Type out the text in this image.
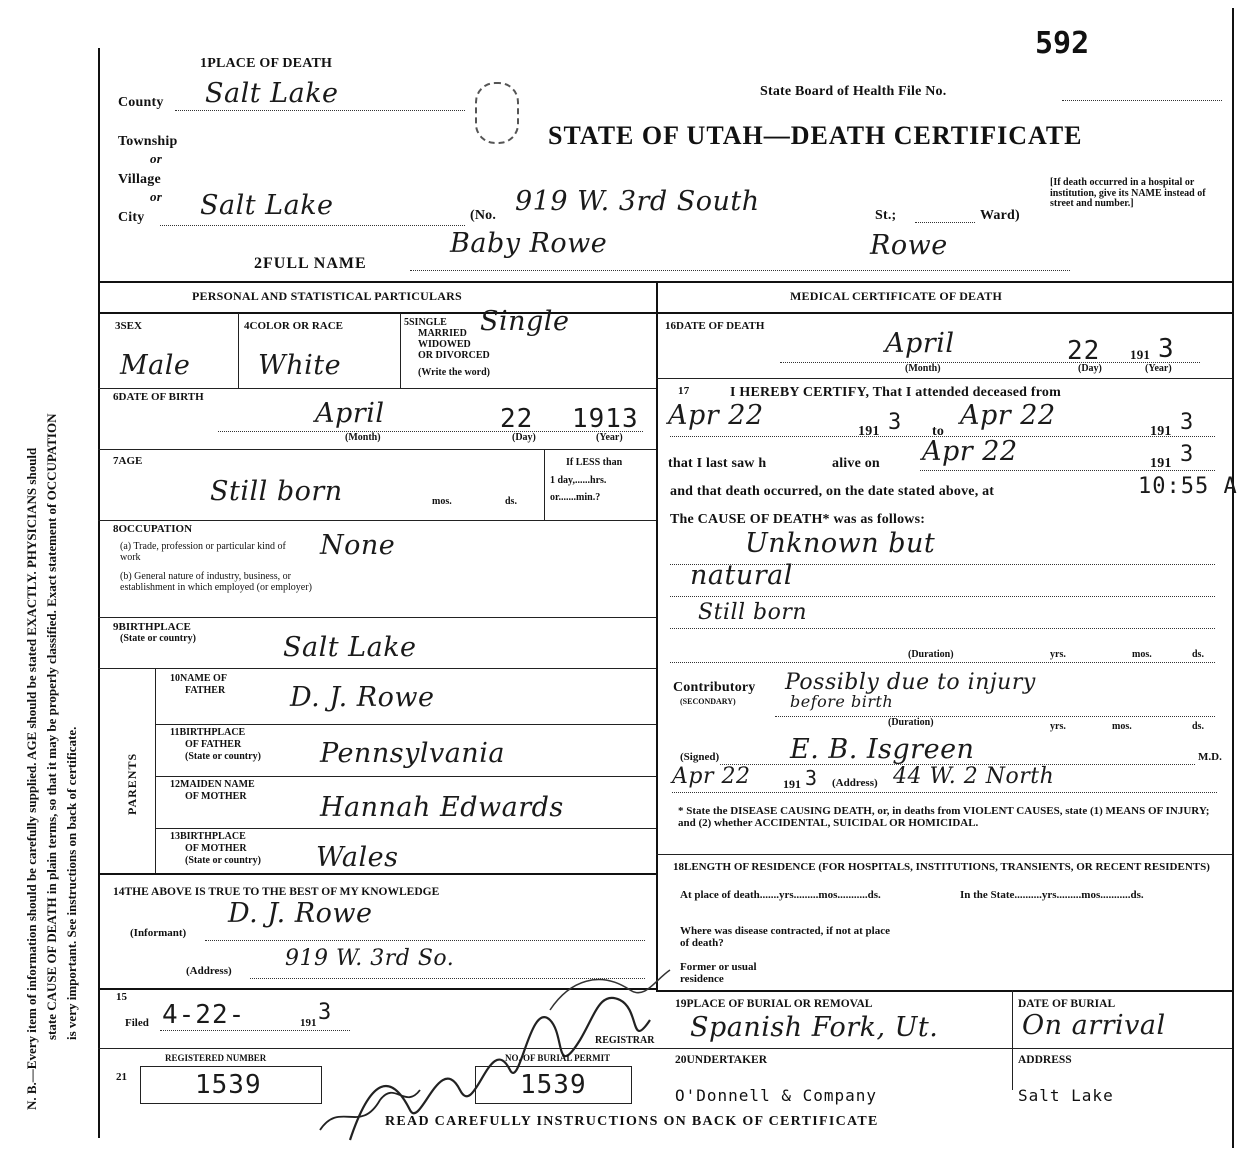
N. B.—Every item of information should be carefully supplied. AGE should be stated EXACTLY. PHYSICIANS should state CAUSE OF DEATH in plain terms, so that it may be properly classified. Exact statement of OCCUPATION is very important. See instructions on back of certificate.
592
1PLACE OF DEATH
State Board of Health File No.
County Salt Lake
STATE OF UTAH—DEATH CERTIFICATE
Township
or
Village
or
City Salt Lake	(No. 919 W. 3rd South	St.;	Ward)
[If death occurred in a hospital or institution, give its NAME instead of street and number.]
2FULL NAME
Baby Rowe	Rowe
PERSONAL AND STATISTICAL PARTICULARS
3SEX
Male
4COLOR OR RACE
White
5SINGLE
MARRIED
WIDOWED
OR DIVORCED
(Write the word)
Single
6DATE OF BIRTH
April	22 1913
(Month)	(Day)	(Year)
7AGE
Still born	mos.	ds.
If LESS than
1 day,......hrs.
or.......min.?
8OCCUPATION
(a) Trade, profession or particular kind of work
(b) General nature of industry, business, or establishment in which employed (or employer)
None
9BIRTHPLACE
(State or country)	Salt Lake
PARENTS
10NAME OF
FATHER D. J. Rowe
11BIRTHPLACE
OF FATHER
(State or country) Pennsylvania
12MAIDEN NAME
OF MOTHER	Hannah Edwards
13BIRTHPLACE
OF MOTHER
(State or country) Wales
14THE ABOVE IS TRUE TO THE BEST OF MY KNOWLEDGE
(Informant)
D. J. Rowe
(Address) 919 W. 3rd So.
15
Filed 4-22-	191 3
REGISTRAR
REGISTERED NUMBER	NO. OF BURIAL PERMIT
21	1539	1539
READ CAREFULLY INSTRUCTIONS ON BACK OF CERTIFICATE
MEDICAL CERTIFICATE OF DEATH
16DATE OF DEATH
April	22 191 3
(Month)	(Day)	(Year)
17	I HEREBY CERTIFY, That I attended deceased from
Apr 22
191 3 to
Apr 22
191 3
that I last saw h	alive on Apr 22	191 3
and that death occurred, on the date stated above, at	10:55 A
The CAUSE OF DEATH* was as follows:
Unknown but
natural
Still born
(Duration)	yrs.	mos.	ds.
Contributory
(SECONDARY)
Possibly due to injury
before birth
(Duration)	yrs.	mos.	ds.
(Signed)	E. B. Isgreen	M.D.
Apr 22	191 3 (Address) 44 W. 2 North
* State the DISEASE CAUSING DEATH, or, in deaths from VIOLENT CAUSES, state (1) MEANS OF INJURY; and (2) whether ACCIDENTAL, SUICIDAL OR HOMICIDAL.
18LENGTH OF RESIDENCE (FOR HOSPITALS, INSTITUTIONS, TRANSIENTS, OR RECENT RESIDENTS)
At place of death.......yrs.........mos...........ds.	In the State..........yrs.........mos...........ds.
Where was disease contracted, if not at place of death?
Former or usual residence
19PLACE OF BURIAL OR REMOVAL
Spanish Fork, Ut.
DATE OF BURIAL
On arrival
20UNDERTAKER
O'Donnell & Company
ADDRESS
Salt Lake
